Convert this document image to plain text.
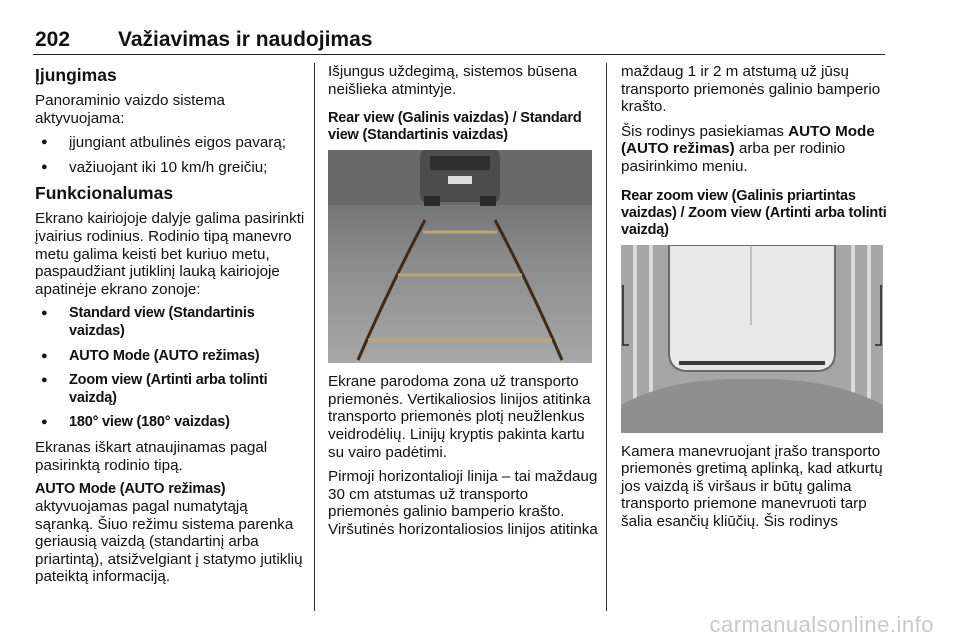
202 Važiavimas ir naudojimas
Įjungimas

Panoraminio vaizdo sistema aktyvuojama:

● įjungiant atbulinės eigos pavarą;
● važiuojant iki 10 km/h greičiu;
Funkcionalumas

Ekrano kairiojoje dalyje galima pasirinkti įvairius rodinius. Rodinio tipą manevro metu galima keisti bet kuriuo metu, paspaudžiant jutiklinį lauką kairiojoje apatinėje ekrano zonoje:

● Standard view (Standartinis vaizdas)
● AUTO Mode (AUTO režimas)
● Zoom view (Artinti arba tolinti vaizdą)
● 180° view (180° vaizdas)

Ekranas iškart atnaujinamas pagal pasirinktą rodinio tipą.

AUTO Mode (AUTO režimas)

aktyvuojamas pagal numatytąją sąranką. Šiuo režimu sistema parenka geriausią vaizdą (standartinį arba priartintą), atsižvelgiant į statymo jutiklių pateiktą informaciją.

Išjungus uždegimą, sistemos būsena neišlieka atmintyje.

Rear view (Galinis vaizdas) / Standard view (Standartinis vaizdas)

Ekrane parodoma zona už transporto priemonės. Vertikaliosios linijos atitinka transporto priemonės plotį neužlenkus veidrodėlių. Linijų kryptis pakinta kartu su vairo padėtimi.

Pirmoji horizontalioji linija – tai maždaug 30 cm atstumas už transporto priemonės galinio bamperio krašto. Viršutinės horizontaliosios linijos atitinka

maždaug 1 ir 2 m atstumą už jūsų transporto priemonės galinio bamperio krašto.

Šis rodinys pasiekiamas AUTO Mode (AUTO režimas) arba per rodinio pasirinkimo meniu.

Rear zoom view (Galinis priartintas vaizdas) / Zoom view (Artinti arba tolinti vaizdą)

Kamera manevruojant įrašo transporto priemonės gretimą aplinką, kad atkurtų jos vaizdą iš viršaus ir būtų galima transporto priemone manevruoti tarp šalia esančių kliūčių. Šis rodinys

carmanualsonline.info
